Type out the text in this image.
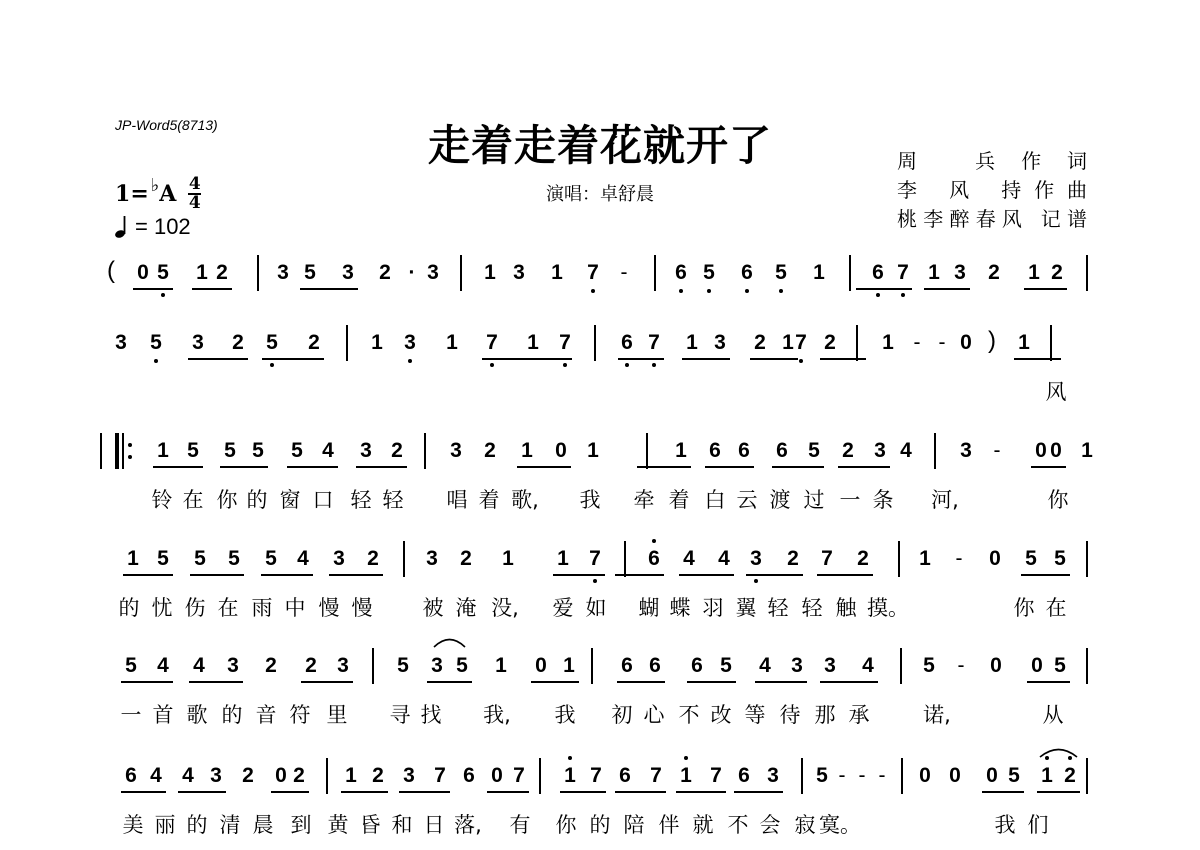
JP-Word5(8713)	走着走着花就开了
演唱：卓舒晨
周 兵作词
李 风 持作曲
桃李醉春风 记谱
1 = ♭ A 4
4
= 102
0 5	1 2	3 5	3	2 · 3	1 3	1	7	-	6 5	6	5	1	6 7 1 3	2	1 2
(
3	5	3	2	5	2	1	3	1	7	1 7	6 7	1 3	2 1 7 2	1 - - 0	1
)
风
1 5	5 5	5 4	3 2	3	2	1	0 1	1	6 6	6 5	2 3 4	3	-	0 0 1
铃 在 你 的 窗 口 轻 轻 唱 着 歌, 我 牵 着 白 云 渡 过 一 条 河,	你
1 5	5	5	5 4	3	2	3	2	1	1 7	6	4	4 3	2	7	2	1	-	0	5 5
的 忧 伤 在 雨 中 慢 慢 被 淹 没, 爱 如 蝴 蝶 羽 翼 轻 轻 触 摸。	你 在
5 4	4	3	2	2 3	5	3 5	1	0 1	6 6	6 5	4 3	3	4	5	-	0	0 5
一 首 歌 的 音 符 里 寻 找 我, 我 初 心 不 改 等 待 那 承	诺,	从
6 4 4 3 2	0 2	1 2 3 7 6 0 7	1 7 6 7 1 7 6 3	5 - - -	0 0	0 5	1 2
美 丽 的 清 晨 到 黄 昏 和 日 落, 有 你 的 陪 伴 就 不 会 寂 寞。	我 们
